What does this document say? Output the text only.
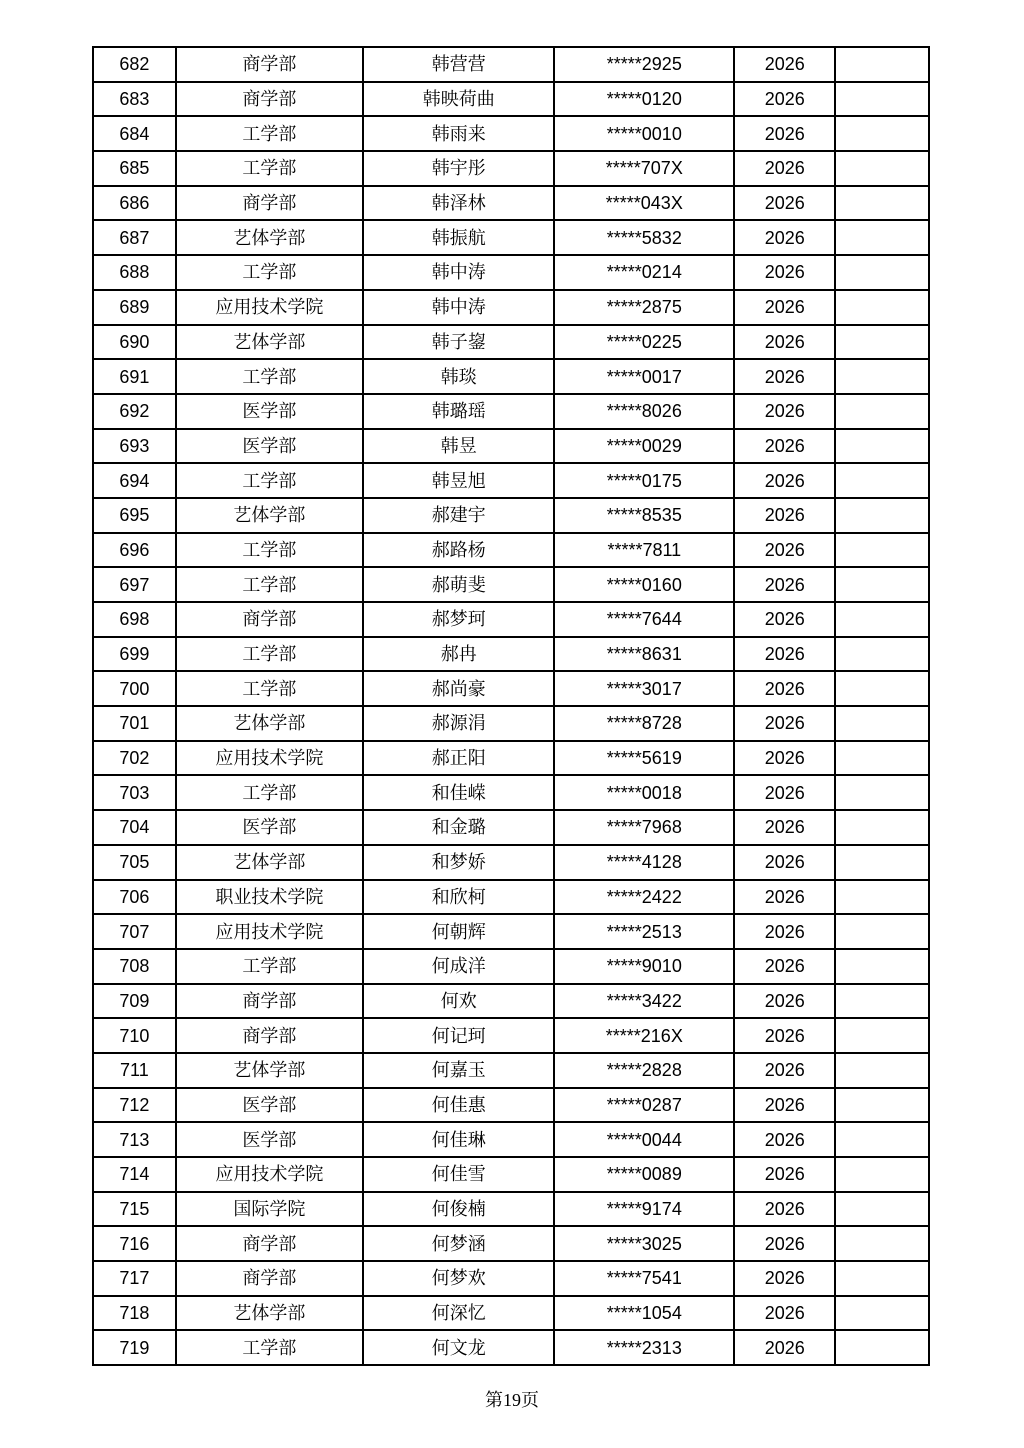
682	商学部	韩营营	*****2925	2026	
683	商学部	韩映荷曲	*****0120	2026	
684	工学部	韩雨来	*****0010	2026	
685	工学部	韩宇彤	*****707X	2026	
686	商学部	韩泽林	*****043X	2026	
687	艺体学部	韩振航	*****5832	2026	
688	工学部	韩中涛	*****0214	2026	
689	应用技术学院	韩中涛	*****2875	2026	
690	艺体学部	韩子鋆	*****0225	2026	
691	工学部	韩琰	*****0017	2026	
692	医学部	韩璐瑶	*****8026	2026	
693	医学部	韩昱	*****0029	2026	
694	工学部	韩昱旭	*****0175	2026	
695	艺体学部	郝建宇	*****8535	2026	
696	工学部	郝路杨	*****7811	2026	
697	工学部	郝萌斐	*****0160	2026	
698	商学部	郝梦珂	*****7644	2026	
699	工学部	郝冉	*****8631	2026	
700	工学部	郝尚豪	*****3017	2026	
701	艺体学部	郝源涓	*****8728	2026	
702	应用技术学院	郝正阳	*****5619	2026	
703	工学部	和佳嵘	*****0018	2026	
704	医学部	和金璐	*****7968	2026	
705	艺体学部	和梦娇	*****4128	2026	
706	职业技术学院	和欣柯	*****2422	2026	
707	应用技术学院	何朝辉	*****2513	2026	
708	工学部	何成洋	*****9010	2026	
709	商学部	何欢	*****3422	2026	
710	商学部	何记珂	*****216X	2026	
711	艺体学部	何嘉玉	*****2828	2026	
712	医学部	何佳惠	*****0287	2026	
713	医学部	何佳琳	*****0044	2026	
714	应用技术学院	何佳雪	*****0089	2026	
715	国际学院	何俊楠	*****9174	2026	
716	商学部	何梦涵	*****3025	2026	
717	商学部	何梦欢	*****7541	2026	
718	艺体学部	何深忆	*****1054	2026	
719	工学部	何文龙	*****2313	2026	
第19页
